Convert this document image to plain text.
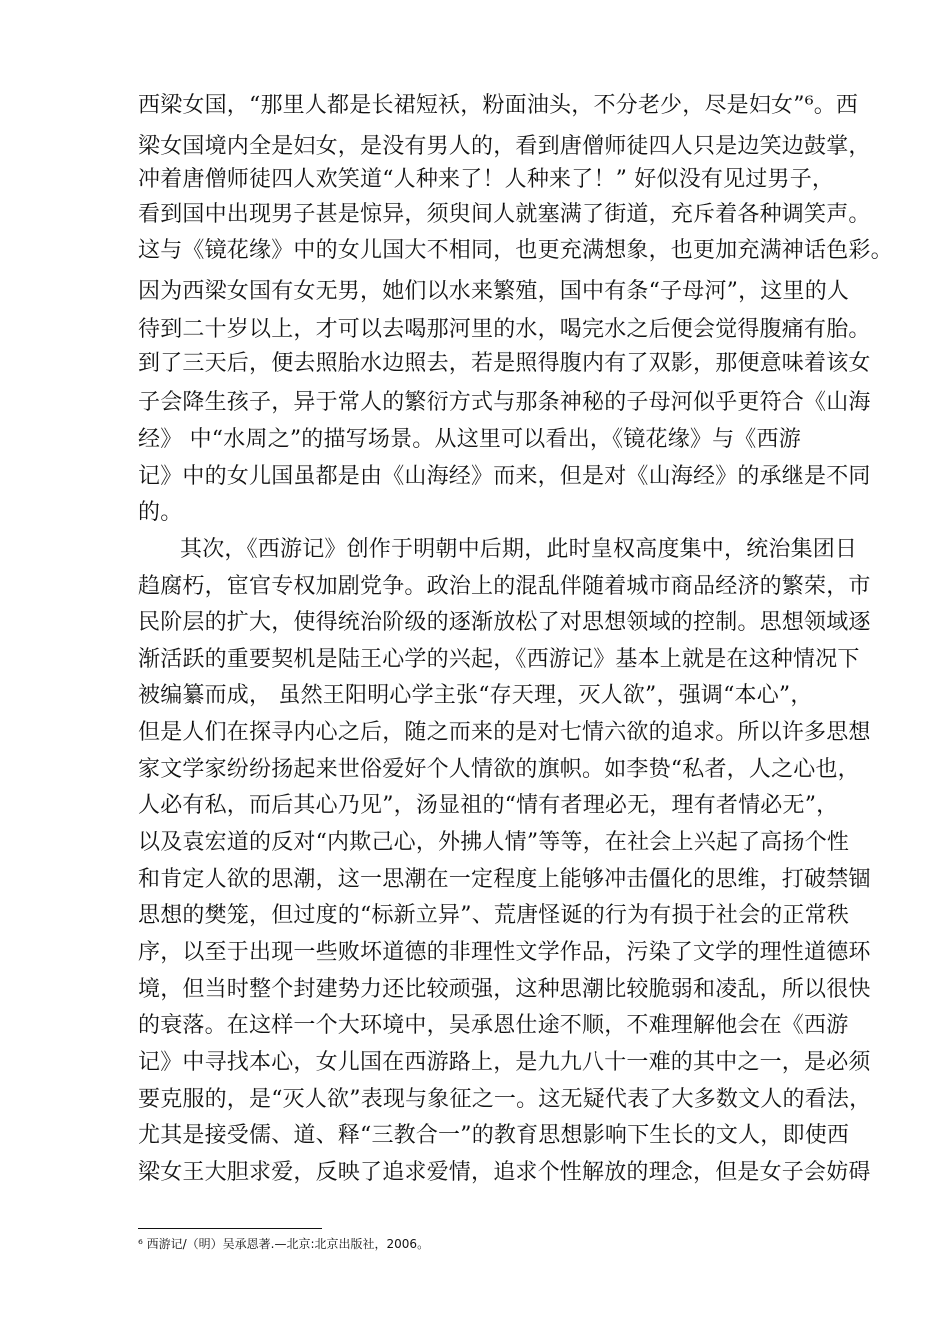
西梁女国，“那里人都是长裙短袄，粉面油头，不分老少，尽是妇女”⁶。西
梁女国境内全是妇女，是没有男人的，看到唐僧师徒四人只是边笑边鼓掌，
冲着唐僧师徒四人欢笑道“人种来了！人种来了！” 好似没有见过男子，
看到国中出现男子甚是惊异，须臾间人就塞满了街道，充斥着各种调笑声。
这与《镜花缘》中的女儿国大不相同，也更充满想象，也更加充满神话色彩。
因为西梁女国有女无男，她们以水来繁殖，国中有条“子母河”，这里的人
待到二十岁以上，才可以去喝那河里的水，喝完水之后便会觉得腹痛有胎。
到了三天后，便去照胎水边照去，若是照得腹内有了双影，那便意味着该女
子会降生孩子，异于常人的繁衍方式与那条神秘的子母河似乎更符合《山海
经》 中“水周之”的描写场景。从这里可以看出，《镜花缘》与《西游
记》中的女儿国虽都是由《山海经》而来，但是对《山海经》的承继是不同
的。
其次，《西游记》创作于明朝中后期，此时皇权高度集中，统治集团日
趋腐朽，宦官专权加剧党争。政治上的混乱伴随着城市商品经济的繁荣，市
民阶层的扩大，使得统治阶级的逐渐放松了对思想领域的控制。思想领域逐
渐活跃的重要契机是陆王心学的兴起，《西游记》基本上就是在这种情况下
被编纂而成， 虽然王阳明心学主张“存天理，灭人欲”，强调“本心”，
但是人们在探寻内心之后，随之而来的是对七情六欲的追求。所以许多思想
家文学家纷纷扬起来世俗爱好个人情欲的旗帜。如李贽“私者，人之心也，
人必有私，而后其心乃见”，汤显祖的“情有者理必无，理有者情必无”，
以及袁宏道的反对“内欺己心，外拂人情”等等，在社会上兴起了高扬个性
和肯定人欲的思潮，这一思潮在一定程度上能够冲击僵化的思维，打破禁锢
思想的樊笼，但过度的“标新立异”、荒唐怪诞的行为有损于社会的正常秩
序，以至于出现一些败坏道德的非理性文学作品，污染了文学的理性道德环
境，但当时整个封建势力还比较顽强，这种思潮比较脆弱和凌乱，所以很快
的衰落。在这样一个大环境中，吴承恩仕途不顺，不难理解他会在《西游
记》中寻找本心，女儿国在西游路上，是九九八十一难的其中之一，是必须
要克服的，是“灭人欲”表现与象征之一。这无疑代表了大多数文人的看法，
尤其是接受儒、道、释“三教合一”的教育思想影响下生长的文人，即使西
梁女王大胆求爱，反映了追求爱情，追求个性解放的理念，但是女子会妨碍
⁶ 西游记/（明）吴承恩著.—北京:北京出版社，2006。
